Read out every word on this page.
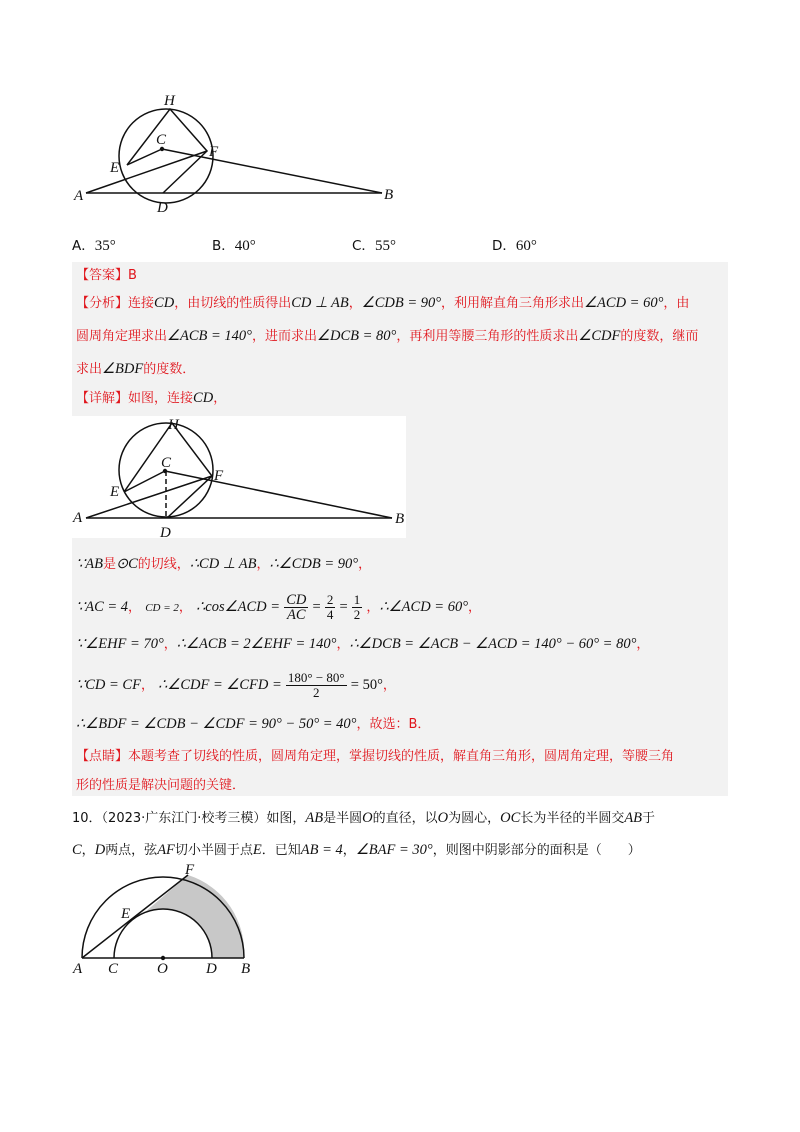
H
C
E
F
A
D
B
A．35°	B．40°	C．55°	D．60°
【答案】B
【分析】连接CD，由切线的性质得出CD ⊥ AB，∠CDB = 90°，利用解直角三角形求出∠ACD = 60°，由
圆周角定理求出∠ACB = 140°，进而求出∠DCB = 80°，再利用等腰三角形的性质求出∠CDF的度数，继而
求出∠BDF的度数．
【详解】如图，连接CD，
H
C
E
F
A
D
B
∵AB是⊙C的切线，∴CD ⊥ AB，∴∠CDB = 90°，
∵AC = 4， CD = 2， ∴cos∠ACD = $\frac{CD}{AC} = \frac{2}{4} = \frac{1}{2}$ ，∴∠ACD = 60°，
∵∠EHF = 70°，∴∠ACB = 2∠EHF = 140°，∴∠DCB = ∠ACB − ∠ACD = 140° − 60° = 80°，
∵CD = CF， ∴∠CDF = ∠CFD = $\frac{180^\circ - 80^\circ}{2} = 50^\circ$，
∴∠BDF = ∠CDB − ∠CDF = 90° − 50° = 40°，故选：B．
【点睛】本题考查了切线的性质，圆周角定理，掌握切线的性质，解直角三角形，圆周角定理，等腰三角
形的性质是解决问题的关键．
10．（2023·广东江门·校考三模）如图，AB是半圆O的直径，以O为圆心，OC长为半径的半圆交AB于
C，D两点，弦AF切小半圆于点E．已知AB = 4，∠BAF = 30°，则图中阴影部分的面积是（　　）
F
E
A C	O	D B
